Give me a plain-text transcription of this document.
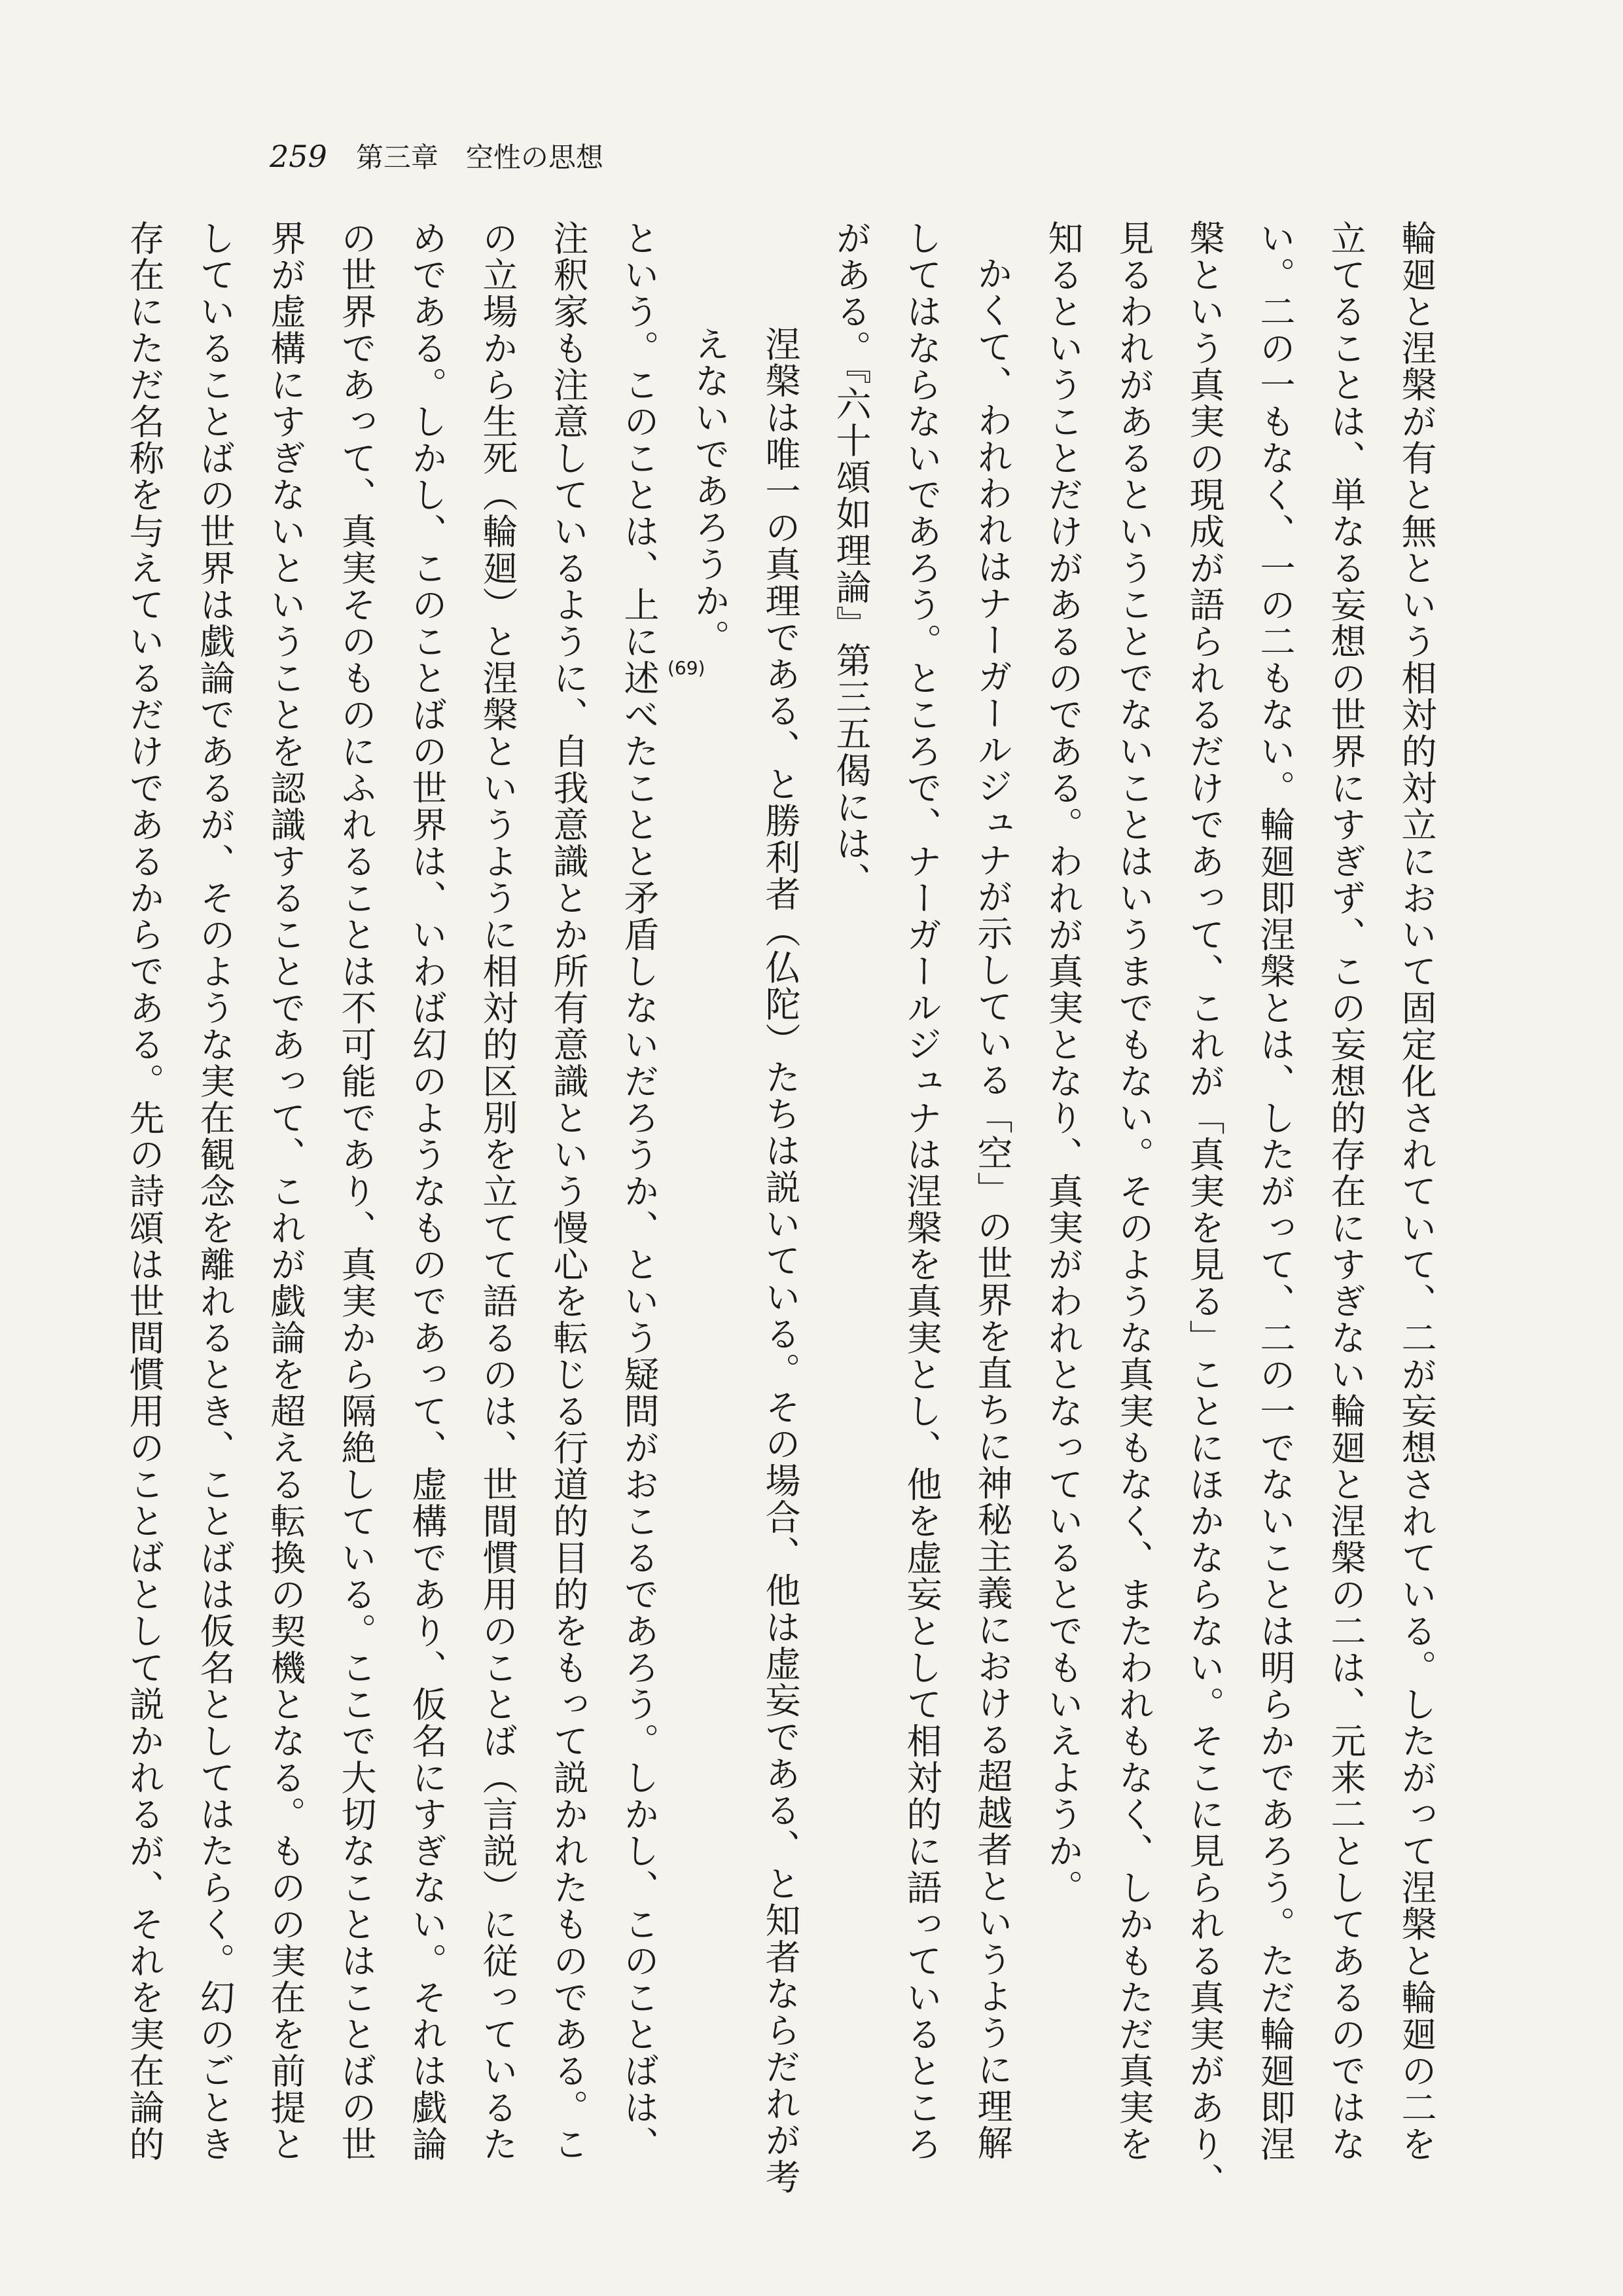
259 第三章　空性の思想
輪廻と涅槃が有と無という相対的対立において固定化されていて、二が妄想されている。したがって涅槃と輪廻の二を
立てることは、単なる妄想の世界にすぎず、この妄想的存在にすぎない輪廻と涅槃の二は、元来二としてあるのではな
い。二の一もなく、一の二もない。輪廻即涅槃とは、したがって、二の一でないことは明らかであろう。ただ輪廻即涅
槃という真実の現成が語られるだけであって、これが「真実を見る」ことにほかならない。そこに見られる真実があり、
見るわれがあるということでないことはいうまでもない。そのような真実もなく、またわれもなく、しかもただ真実を
知るということだけがあるのである。われが真実となり、真実がわれとなっているとでもいえようか。
かくて、われわれはナーガールジュナが示している「空」の世界を直ちに神秘主義における超越者というように理解
してはならないであろう。ところで、ナーガールジュナは涅槃を真実とし、他を虚妄として相対的に語っているところ
がある。『六十頌如理論』第三五偈には、
涅槃は唯一の真理である、と勝利者（仏陀）たちは説いている。その場合、他は虚妄である、と知者ならだれが考
えないであろうか。
という。このことは、上に述べたことと矛盾しないだろうか、という疑問がおこるであろう。しかし、このことばは、
注釈家も注意しているように、自我意識とか所有意識という慢心を転じる行道的目的をもって説かれたものである。こ
の立場から生死（輪廻）と涅槃というように相対的区別を立てて語るのは、世間慣用のことば（言説）に従っているた
めである。しかし、このことばの世界は、いわば幻のようなものであって、虚構であり、仮名にすぎない。それは戯論
の世界であって、真実そのものにふれることは不可能であり、真実から隔絶している。ここで大切なことはことばの世
界が虚構にすぎないということを認識することであって、これが戯論を超える転換の契機となる。ものの実在を前提と
していることばの世界は戯論であるが、そのような実在観念を離れるとき、ことばは仮名としてはたらく。幻のごとき
存在にただ名称を与えているだけであるからである。先の詩頌は世間慣用のことばとして説かれるが、それを実在論的	(69)
